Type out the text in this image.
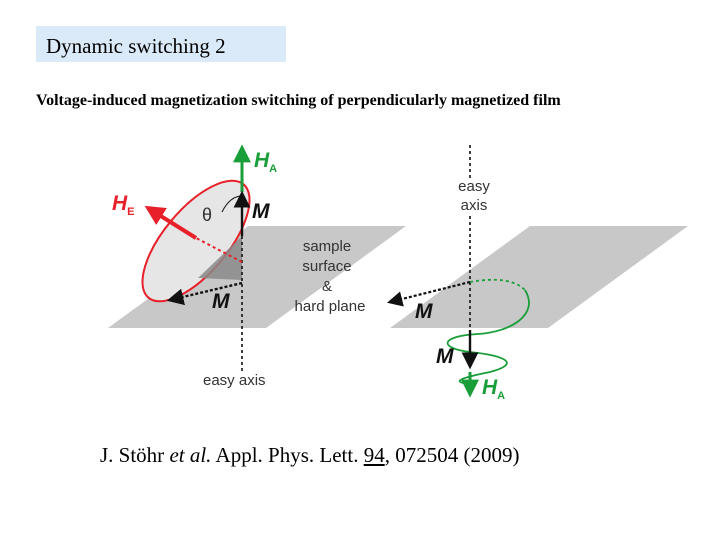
Dynamic switching 2
Voltage-induced magnetization switching of perpendicularly magnetized film
$H_A$
$H_E$	θ M
M
easy axis
sample
surface
&
hard plane
easy
axis
M
M
$H_A$
J. Stöhr et al. Appl. Phys. Lett. 94, 072504 (2009)
